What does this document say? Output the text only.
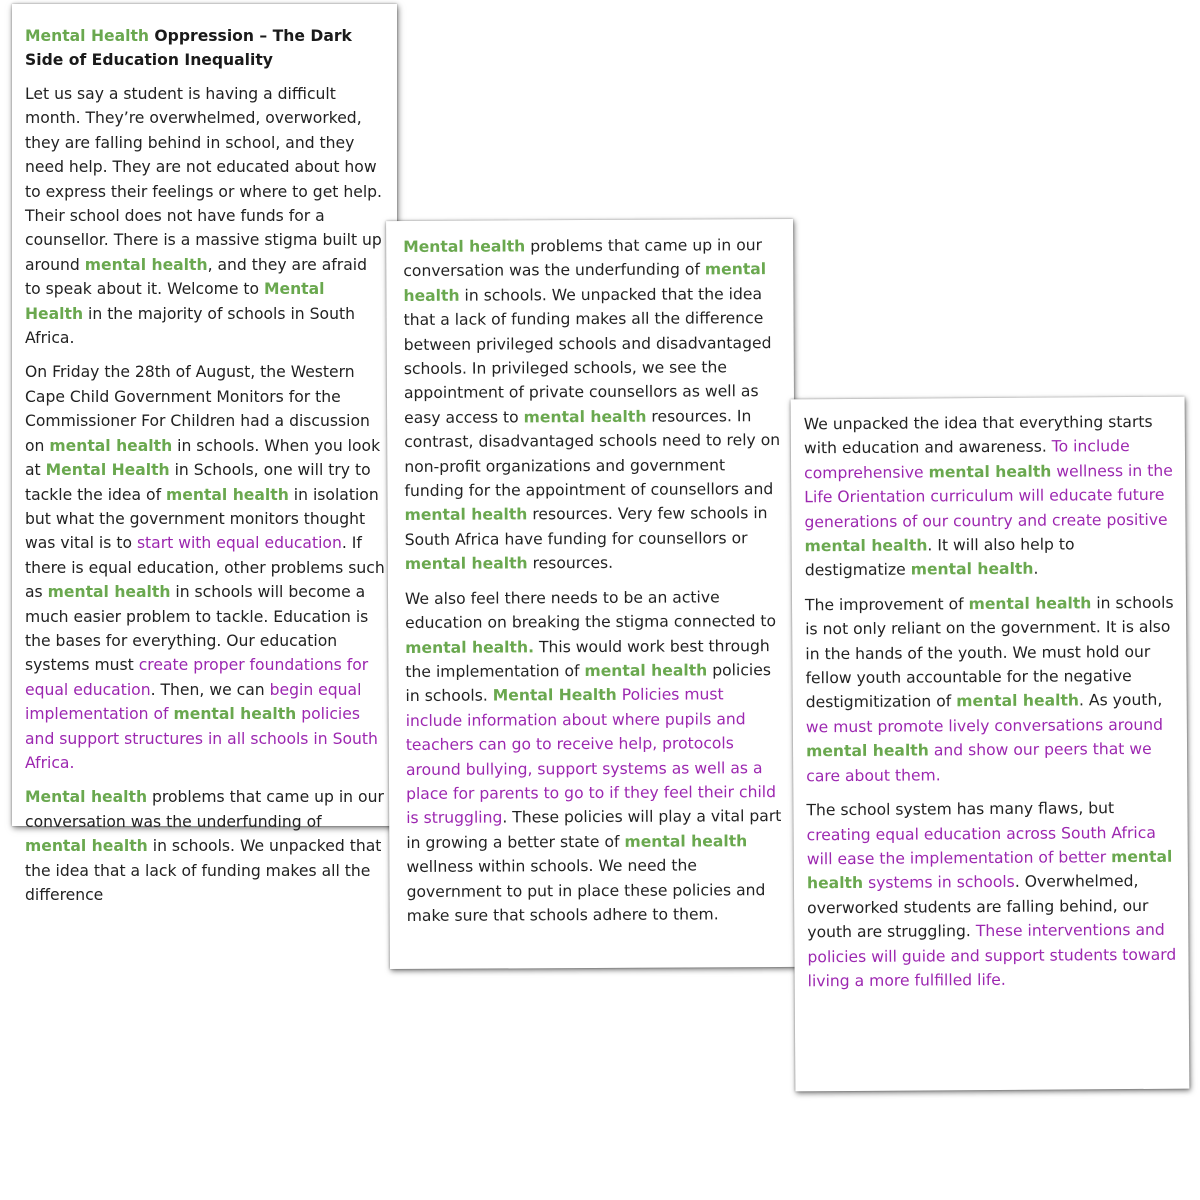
Mental Health Oppression – The Dark Side of Education Inequality

Let us say a student is having a difficult month. They’re overwhelmed, overworked, they are falling behind in school, and they need help. They are not educated about how to express their feelings or where to get help. Their school does not have funds for a counsellor. There is a massive stigma built up around mental health, and they are afraid to speak about it. Welcome to Mental Health in the majority of schools in South Africa.

On Friday the 28th of August, the Western Cape Child Government Monitors for the Commissioner For Children had a discussion on mental health in schools. When you look at Mental Health in Schools, one will try to tackle the idea of mental health in isolation but what the government monitors thought was vital is to start with equal education. If there is equal education, other problems such as mental health in schools will become a much easier problem to tackle. Education is the bases for everything. Our education systems must create proper foundations for equal education. Then, we can begin equal implementation of mental health policies and support structures in all schools in South Africa.

Mental health problems that came up in our conversation was the underfunding of mental health in schools. We unpacked that the idea that a lack of funding makes all the difference

Mental health problems that came up in our conversation was the underfunding of mental health in schools. We unpacked that the idea that a lack of funding makes all the difference between privileged schools and disadvantaged schools. In privileged schools, we see the appointment of private counsellors as well as easy access to mental health resources. In contrast, disadvantaged schools need to rely on non-profit organizations and government funding for the appointment of counsellors and mental health resources. Very few schools in South Africa have funding for counsellors or mental health resources.

We also feel there needs to be an active education on breaking the stigma connected to mental health. This would work best through the implementation of mental health policies in schools. Mental Health Policies must include information about where pupils and teachers can go to receive help, protocols around bullying, support systems as well as a place for parents to go to if they feel their child is struggling. These policies will play a vital part in growing a better state of mental health wellness within schools. We need the government to put in place these policies and make sure that schools adhere to them.

We unpacked the idea that everything starts with education and awareness. To include comprehensive mental health wellness in the Life Orientation curriculum will educate future generations of our country and create positive mental health. It will also help to destigmatize mental health.

The improvement of mental health in schools is not only reliant on the government. It is also in the hands of the youth. We must hold our fellow youth accountable for the negative destigmitization of mental health. As youth, we must promote lively conversations around mental health and show our peers that we care about them.

The school system has many flaws, but creating equal education across South Africa will ease the implementation of better mental health systems in schools. Overwhelmed, overworked students are falling behind, our youth are struggling. These interventions and policies will guide and support students toward living a more fulfilled life.
